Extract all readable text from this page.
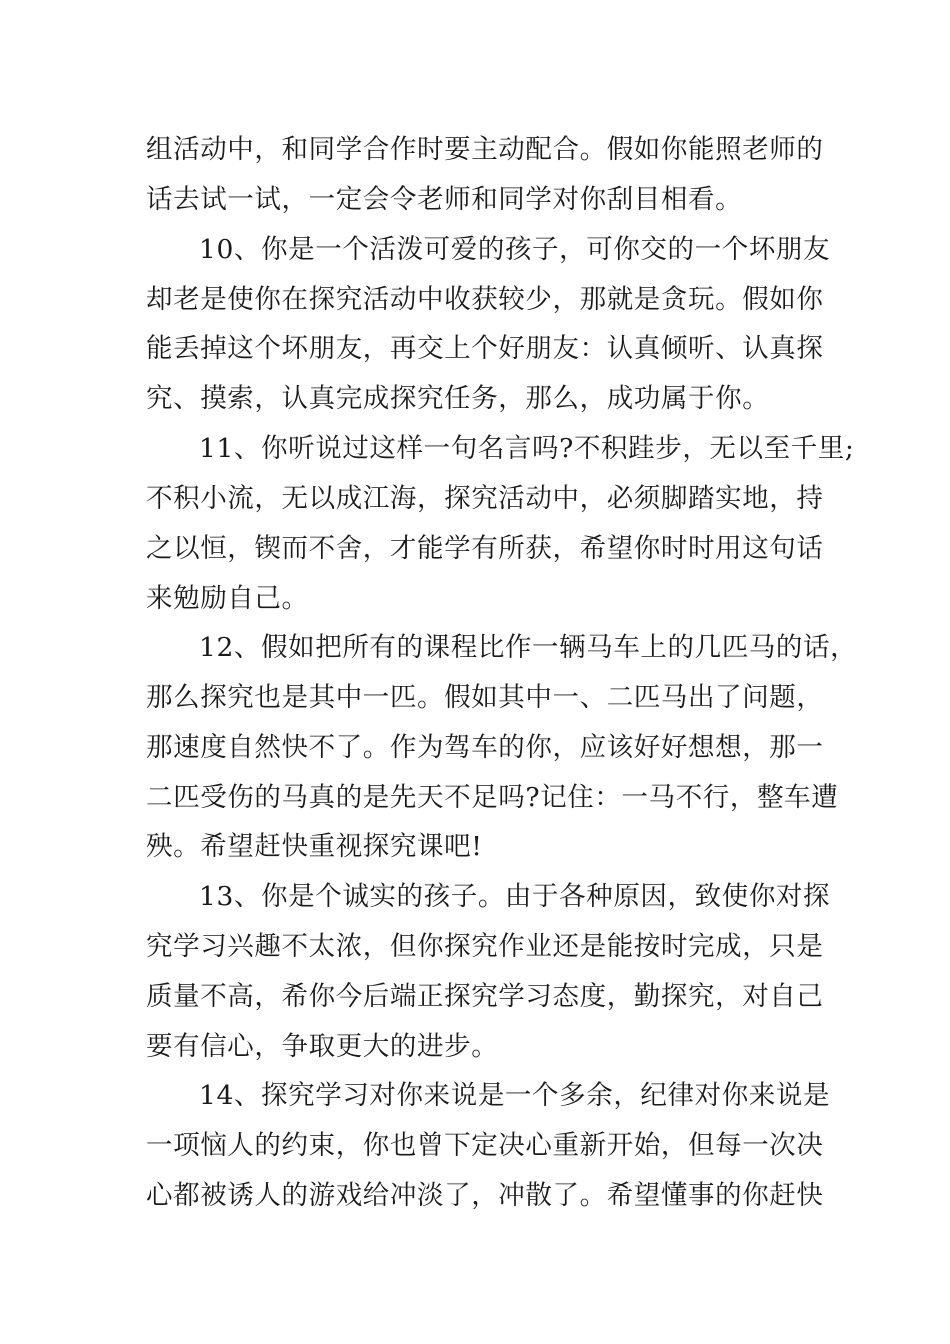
组活动中，和同学合作时要主动配合。假如你能照老师的
话去试一试，一定会令老师和同学对你刮目相看。
10、你是一个活泼可爱的孩子，可你交的一个坏朋友
却老是使你在探究活动中收获较少，那就是贪玩。假如你
能丢掉这个坏朋友，再交上个好朋友：认真倾听、认真探
究、摸索，认真完成探究任务，那么，成功属于你。
11、你听说过这样一句名言吗?不积跬步，无以至千里;
不积小流，无以成江海，探究活动中，必须脚踏实地，持
之以恒，锲而不舍，才能学有所获，希望你时时用这句话
来勉励自己。
12、假如把所有的课程比作一辆马车上的几匹马的话，
那么探究也是其中一匹。假如其中一、二匹马出了问题，
那速度自然快不了。作为驾车的你，应该好好想想，那一
二匹受伤的马真的是先天不足吗?记住：一马不行，整车遭
殃。希望赶快重视探究课吧!
13、你是个诚实的孩子。由于各种原因，致使你对探
究学习兴趣不太浓，但你探究作业还是能按时完成，只是
质量不高，希你今后端正探究学习态度，勤探究，对自己
要有信心，争取更大的进步。
14、探究学习对你来说是一个多余，纪律对你来说是
一项恼人的约束，你也曾下定决心重新开始，但每一次决
心都被诱人的游戏给冲淡了，冲散了。希望懂事的你赶快
